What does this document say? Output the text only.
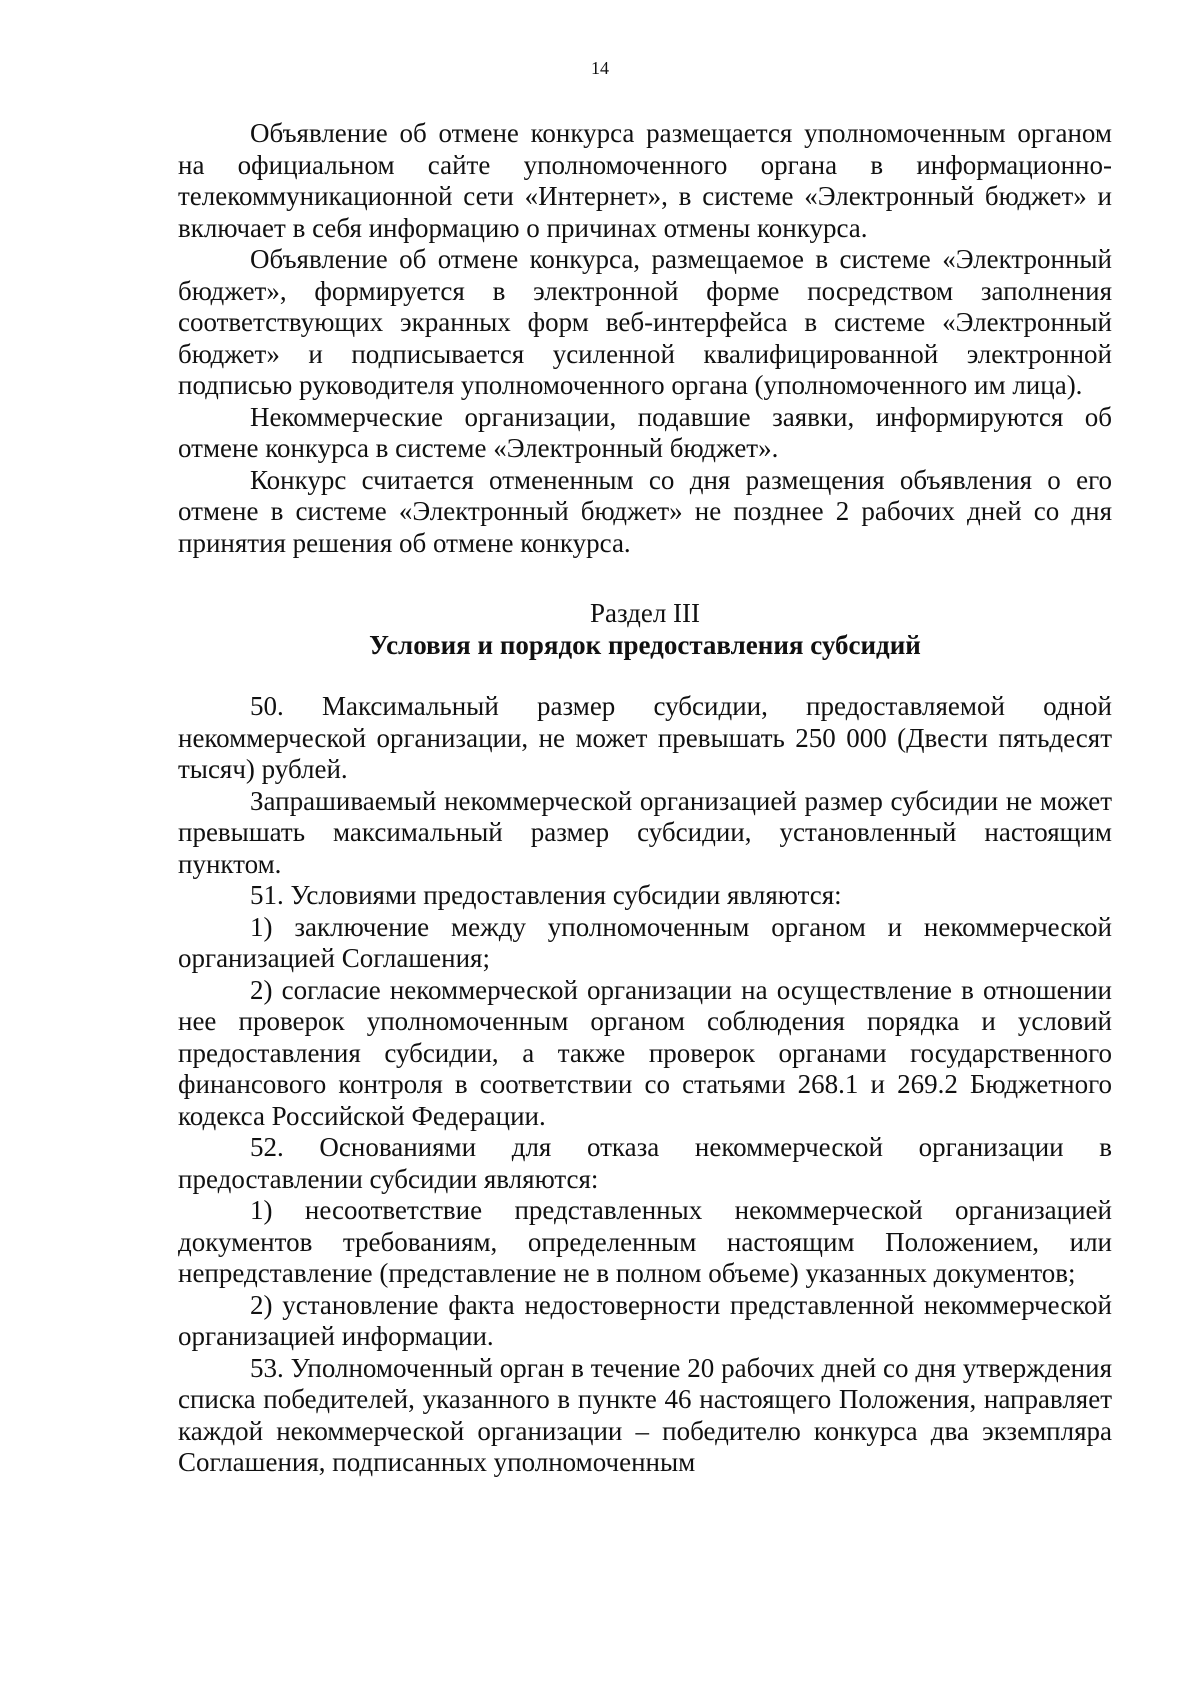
14

Объявление об отмене конкурса размещается уполномоченным органом на официальном сайте уполномоченного органа в информационно-телекоммуникационной сети «Интернет», в системе «Электронный бюджет» и включает в себя информацию о причинах отмены конкурса.

Объявление об отмене конкурса, размещаемое в системе «Электронный бюджет», формируется в электронной форме посредством заполнения соответствующих экранных форм веб-интерфейса в системе «Электронный бюджет» и подписывается усиленной квалифицированной электронной подписью руководителя уполномоченного органа (уполномоченного им лица).

Некоммерческие организации, подавшие заявки, информируются об отмене конкурса в системе «Электронный бюджет».

Конкурс считается отмененным со дня размещения объявления о его отмене в системе «Электронный бюджет» не позднее 2 рабочих дней со дня принятия решения об отмене конкурса.

Раздел III

Условия и порядок предоставления субсидий

50. Максимальный размер субсидии, предоставляемой одной некоммерческой организации, не может превышать 250 000 (Двести пятьдесят тысяч) рублей.

Запрашиваемый некоммерческой организацией размер субсидии не может превышать максимальный размер субсидии, установленный настоящим пунктом.

51. Условиями предоставления субсидии являются:

1) заключение между уполномоченным органом и некоммерческой организацией Соглашения;

2) согласие некоммерческой организации на осуществление в отношении нее проверок уполномоченным органом соблюдения порядка и условий предоставления субсидии, а также проверок органами государственного финансового контроля в соответствии со статьями 268.1 и 269.2 Бюджетного кодекса Российской Федерации.

52. Основаниями для отказа некоммерческой организации в предоставлении субсидии являются:

1) несоответствие представленных некоммерческой организацией документов требованиям, определенным настоящим Положением, или непредставление (представление не в полном объеме) указанных документов;

2) установление факта недостоверности представленной некоммерческой организацией информации.

53. Уполномоченный орган в течение 20 рабочих дней со дня утверждения списка победителей, указанного в пункте 46 настоящего Положения, направляет каждой некоммерческой организации – победителю конкурса два экземпляра Соглашения, подписанных уполномоченным
